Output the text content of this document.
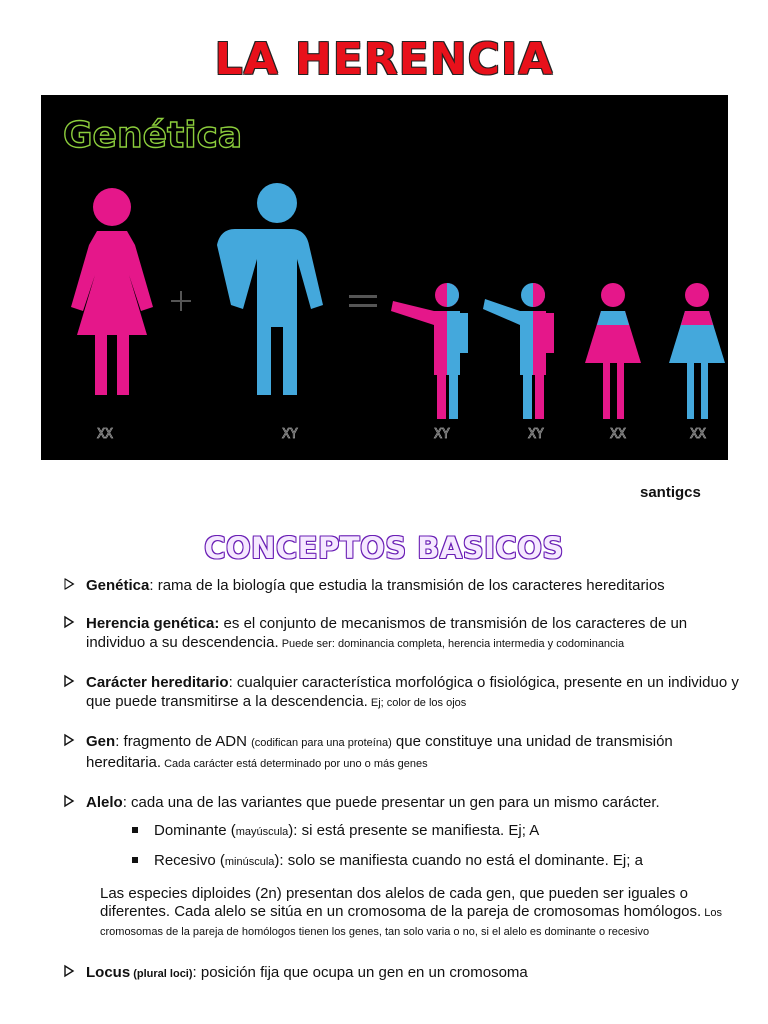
LA HERENCIA
Genética
XX	XY	XY	XY	XX	XX
santigcs
CONCEPTOS BASICOS
Genética: rama de la biología que estudia la transmisión de los caracteres hereditarios
Herencia genética: es el conjunto de mecanismos de transmisión de los caracteres de un individuo a su descendencia. Puede ser: dominancia completa, herencia intermedia y codominancia
Carácter hereditario: cualquier característica morfológica o fisiológica, presente en un individuo y que puede transmitirse a la descendencia. Ej; color de los ojos
Gen: fragmento de ADN (codifican para una proteína) que constituye una unidad de transmisión hereditaria. Cada carácter está determinado por uno o más genes
Alelo: cada una de las variantes que puede presentar un gen para un mismo carácter.
Dominante (mayúscula): si está presente se manifiesta. Ej; A
Recesivo (minúscula): solo se manifiesta cuando no está el dominante. Ej; a
Las especies diploides (2n) presentan dos alelos de cada gen, que pueden ser iguales o diferentes. Cada alelo se sitúa en un cromosoma de la pareja de cromosomas homólogos. Los cromosomas de la pareja de homólogos tienen los genes, tan solo varia o no, si el alelo es dominante o recesivo
Locus (plural loci): posición fija que ocupa un gen en un cromosoma
